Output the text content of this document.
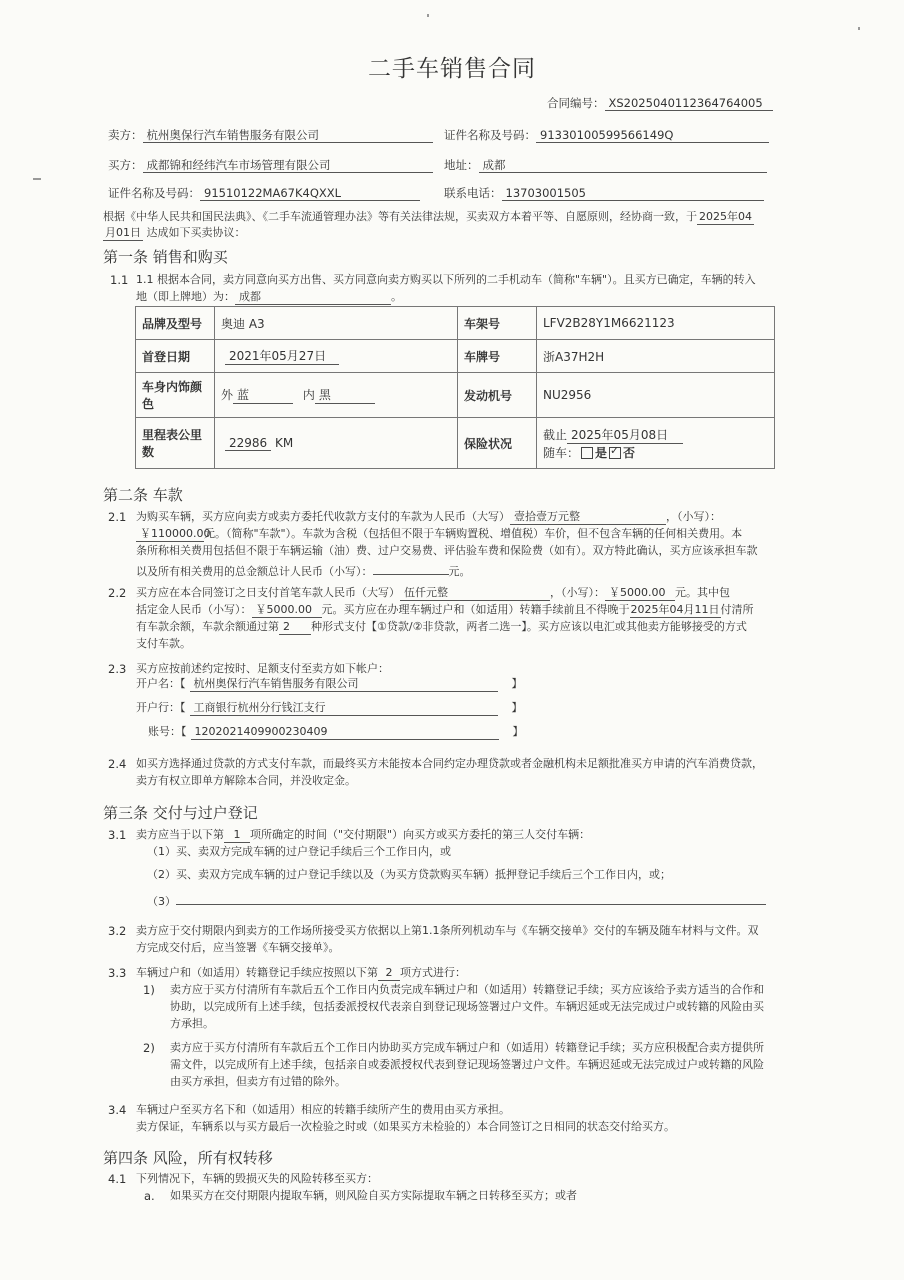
二手车销售合同
合同编号： XS2025040112364764005
卖方： 杭州奥保行汽车销售服务有限公司	证件名称及号码： 91330100599566149Q
买方： 成都锦和经纬汽车市场管理有限公司	地址： 成都
证件名称及号码： 91510122MA67K4QXXL	联系电话： 13703001505
根据《中华人民共和国民法典》、《二手车流通管理办法》等有关法律法规，买卖双方本着平等、自愿原则，经协商一致，于 2025年04
月01日 达成如下买卖协议：
第一条 销售和购买
1.1 1.1 根据本合同，卖方同意向买方出售、买方同意向卖方购买以下所列的二手机动车（简称"车辆"）。且买方已确定，车辆的转入
地（即上牌地）为： 成都	。
品牌及型号	奥迪 A3	车架号	LFV2B28Y1M6621123
首登日期	2021年05月27日	车牌号	浙A37H2H
车身内饰颜色	外 蓝 内 黑	发动机号	NU2956
里程表公里数	22986 KM	保险状况	截止 2025年05月08日
随车： 是 ✓ 否
第二条 车款
2.1 为购买车辆，买方应向卖方或卖方委托代收款方支付的车款为人民币（大写） 壹拾壹万元整	，（小写）：
￥110000.00元。（简称"车款"）。车款为含税（包括但不限于车辆购置税、增值税）车价，但不包含车辆的任何相关费用。本
条所称相关费用包括但不限于车辆运输（油）费、过户交易费、评估验车费和保险费（如有）。双方特此确认，买方应该承担车款
以及所有相关费用的总金额总计人民币（小写）：	元。
2.2 买方应在本合同签订之日支付首笔车款人民币（大写） 伍仟元整	，（小写）： ￥5000.00 元。其中包
括定金人民币（小写）： ￥5000.00 元。买方应在办理车辆过户和（如适用）转籍手续前且不得晚于2025年04月11日付清所
有车款余额，车款余额通过第 2 种形式支付【①贷款/②非贷款，两者二选一】。买方应该以电汇或其他卖方能够接受的方式
支付车款。
2.3 买方应按前述约定按时、足额支付至卖方如下帐户：
开户名：【 杭州奥保行汽车销售服务有限公司	】
开户行：【 工商银行杭州分行钱江支行	】
账号：【 1202021409900230409	】
2.4 如买方选择通过贷款的方式支付车款，而最终买方未能按本合同约定办理贷款或者金融机构未足额批准买方申请的汽车消费贷款，
卖方有权立即单方解除本合同，并没收定金。
第三条 交付与过户登记
3.1 卖方应当于以下第 1 项所确定的时间（"交付期限"）向买方或买方委托的第三人交付车辆：
（1）买、卖双方完成车辆的过户登记手续后三个工作日内，或
（2）买、卖双方完成车辆的过户登记手续以及（为买方贷款购买车辆）抵押登记手续后三个工作日内，或；
（3）
3.2 卖方应于交付期限内到卖方的工作场所接受买方依据以上第1.1条所列机动车与《车辆交接单》交付的车辆及随车材料与文件。双
方完成交付后，应当签署《车辆交接单》。
3.3 车辆过户和（如适用）转籍登记手续应按照以下第 2 项方式进行：
1) 卖方应于买方付清所有车款后五个工作日内负责完成车辆过户和（如适用）转籍登记手续；买方应该给予卖方适当的合作和
协助，以完成所有上述手续，包括委派授权代表亲自到登记现场签署过户文件。车辆迟延或无法完成过户或转籍的风险由买
方承担。
2) 卖方应于买方付清所有车款后五个工作日内协助买方完成车辆过户和（如适用）转籍登记手续；买方应积极配合卖方提供所
需文件，以完成所有上述手续，包括亲自或委派授权代表到登记现场签署过户文件。车辆迟延或无法完成过户或转籍的风险
由买方承担，但卖方有过错的除外。
3.4 车辆过户至买方名下和（如适用）相应的转籍手续所产生的费用由买方承担。
卖方保证，车辆系以与买方最后一次检验之时或（如果买方未检验的）本合同签订之日相同的状态交付给买方。
第四条 风险，所有权转移
4.1 下列情况下，车辆的毁损灭失的风险转移至买方：
a. 如果买方在交付期限内提取车辆，则风险自买方实际提取车辆之日转移至买方；或者
